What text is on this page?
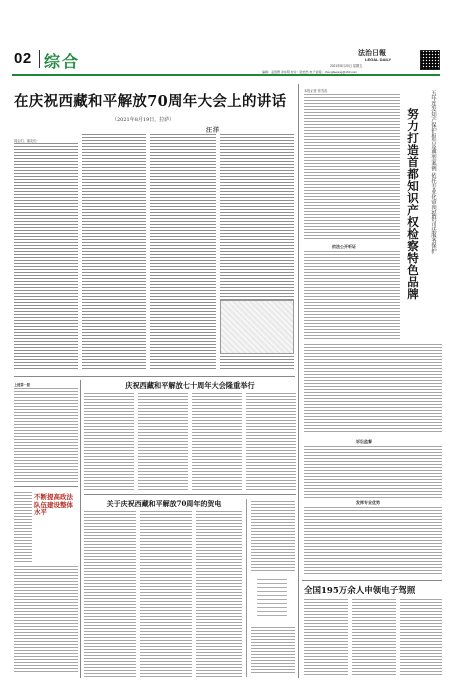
02 综合
法治日報
LEGAL DAILY
2021年8月20日 星期五
编辑：孟绍群 余东明 校对：陆怡然 电子信箱：zhengfawang@163.com
在庆祝西藏和平解放70周年大会上的讲话
（2021年8月19日，拉萨）
汪洋
同志们，朋友们：
上接第一版
不断提高政法队伍建设整体水平
庆祝西藏和平解放七十周年大会隆重举行
关于庆祝西藏和平解放70周年的贺电
本报记者 张雪泓	五年连发知产保护报告及典型案例 依托专业化审判提供司法服务保护
努力打造首都知识产权检察特色品牌
依法公开听证
诉讼监督
发挥专业优势
全国195万余人申领电子驾照
